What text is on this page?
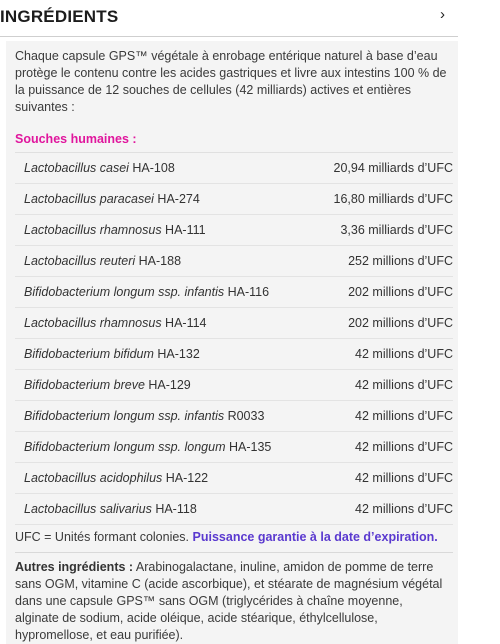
INGRÉDIENTS	›
Chaque capsule GPS™ végétale à enrobage entérique naturel à base d’eau protège le contenu contre les acides gastriques et livre aux intestins 100 % de la puissance de 12 souches de cellules (42 milliards) actives et entières suivantes :
Souches humaines :
Lactobacillus casei HA-108	20,94 milliards d’UFC
Lactobacillus paracasei HA-274	16,80 milliards d’UFC
Lactobacillus rhamnosus HA-111	3,36 milliards d’UFC
Lactobacillus reuteri HA-188	252 millions d’UFC
Bifidobacterium longum ssp. infantis HA-116	202 millions d’UFC
Lactobacillus rhamnosus HA-114	202 millions d’UFC
Bifidobacterium bifidum HA-132	42 millions d’UFC
Bifidobacterium breve HA-129	42 millions d’UFC
Bifidobacterium longum ssp. infantis R0033	42 millions d’UFC
Bifidobacterium longum ssp. longum HA-135	42 millions d’UFC
Lactobacillus acidophilus HA-122	42 millions d’UFC
Lactobacillus salivarius HA-118	42 millions d’UFC
UFC = Unités formant colonies. Puissance garantie à la date d’expiration.
Autres ingrédients : Arabinogalactane, inuline, amidon de pomme de terre sans OGM, vitamine C (acide ascorbique), et stéarate de magnésium végétal dans une capsule GPS™ sans OGM (triglycérides à chaîne moyenne, alginate de sodium, acide oléique, acide stéarique, éthylcellulose, hypromellose, et eau purifiée).
